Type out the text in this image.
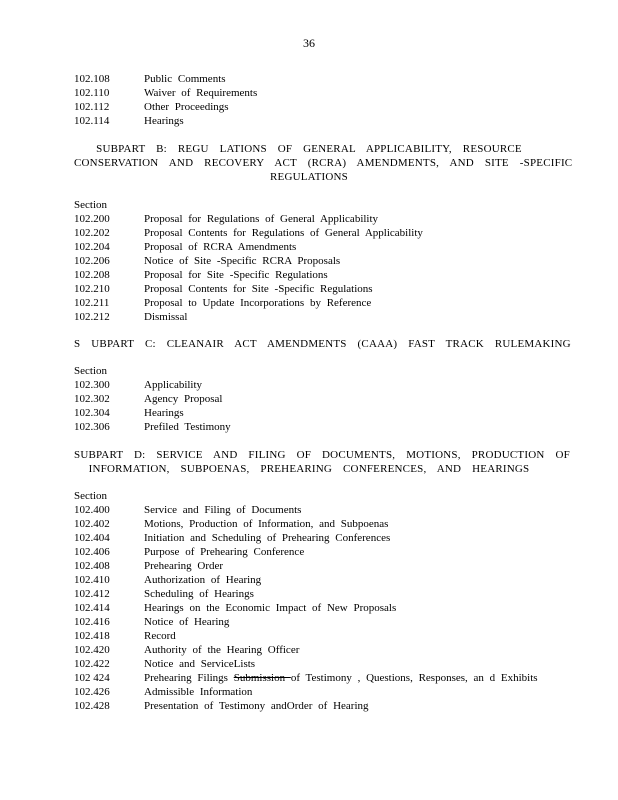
36
102.108	Public Comments
102.110	Waiver of Requirements
102.112	Other Proceedings
102.114	Hearings
SUBPART B: REGU LATIONS OF GENERAL APPLICABILITY, RESOURCE
CONSERVATION AND RECOVERY ACT (RCRA) AMENDMENTS, AND SITE -SPECIFIC
REGULATIONS
Section
102.200	Proposal for Regulations of General Applicability
102.202	Proposal Contents for Regulations of General Applicability
102.204	Proposal of RCRA Amendments
102.206	Notice of Site -Specific RCRA Proposals
102.208	Proposal for Site -Specific Regulations
102.210	Proposal Contents for Site -Specific Regulations
102.211	Proposal to Update Incorporations by Reference
102.212	Dismissal
S UBPART C: CLEANAIR ACT AMENDMENTS (CAAA) FAST TRACK RULEMAKING
Section
102.300	Applicability
102.302	Agency Proposal
102.304	Hearings
102.306	Prefiled Testimony
SUBPART D: SERVICE AND FILING OF DOCUMENTS, MOTIONS, PRODUCTION OF
INFORMATION, SUBPOENAS, PREHEARING CONFERENCES, AND HEARINGS
Section
102.400	Service and Filing of Documents
102.402	Motions, Production of Information, and Subpoenas
102.404	Initiation and Scheduling of Prehearing Conferences
102.406	Purpose of Prehearing Conference
102.408	Prehearing Order
102.410	Authorization of Hearing
102.412	Scheduling of Hearings
102.414	Hearings on the Economic Impact of New Proposals
102.416	Notice of Hearing
102.418	Record
102.420	Authority of the Hearing Officer
102.422	Notice and ServiceLists
102 424	Prehearing Filings Submission of Testimony , Questions, Responses, an d Exhibits
102.426	Admissible Information
102.428	Presentation of Testimony andOrder of Hearing
